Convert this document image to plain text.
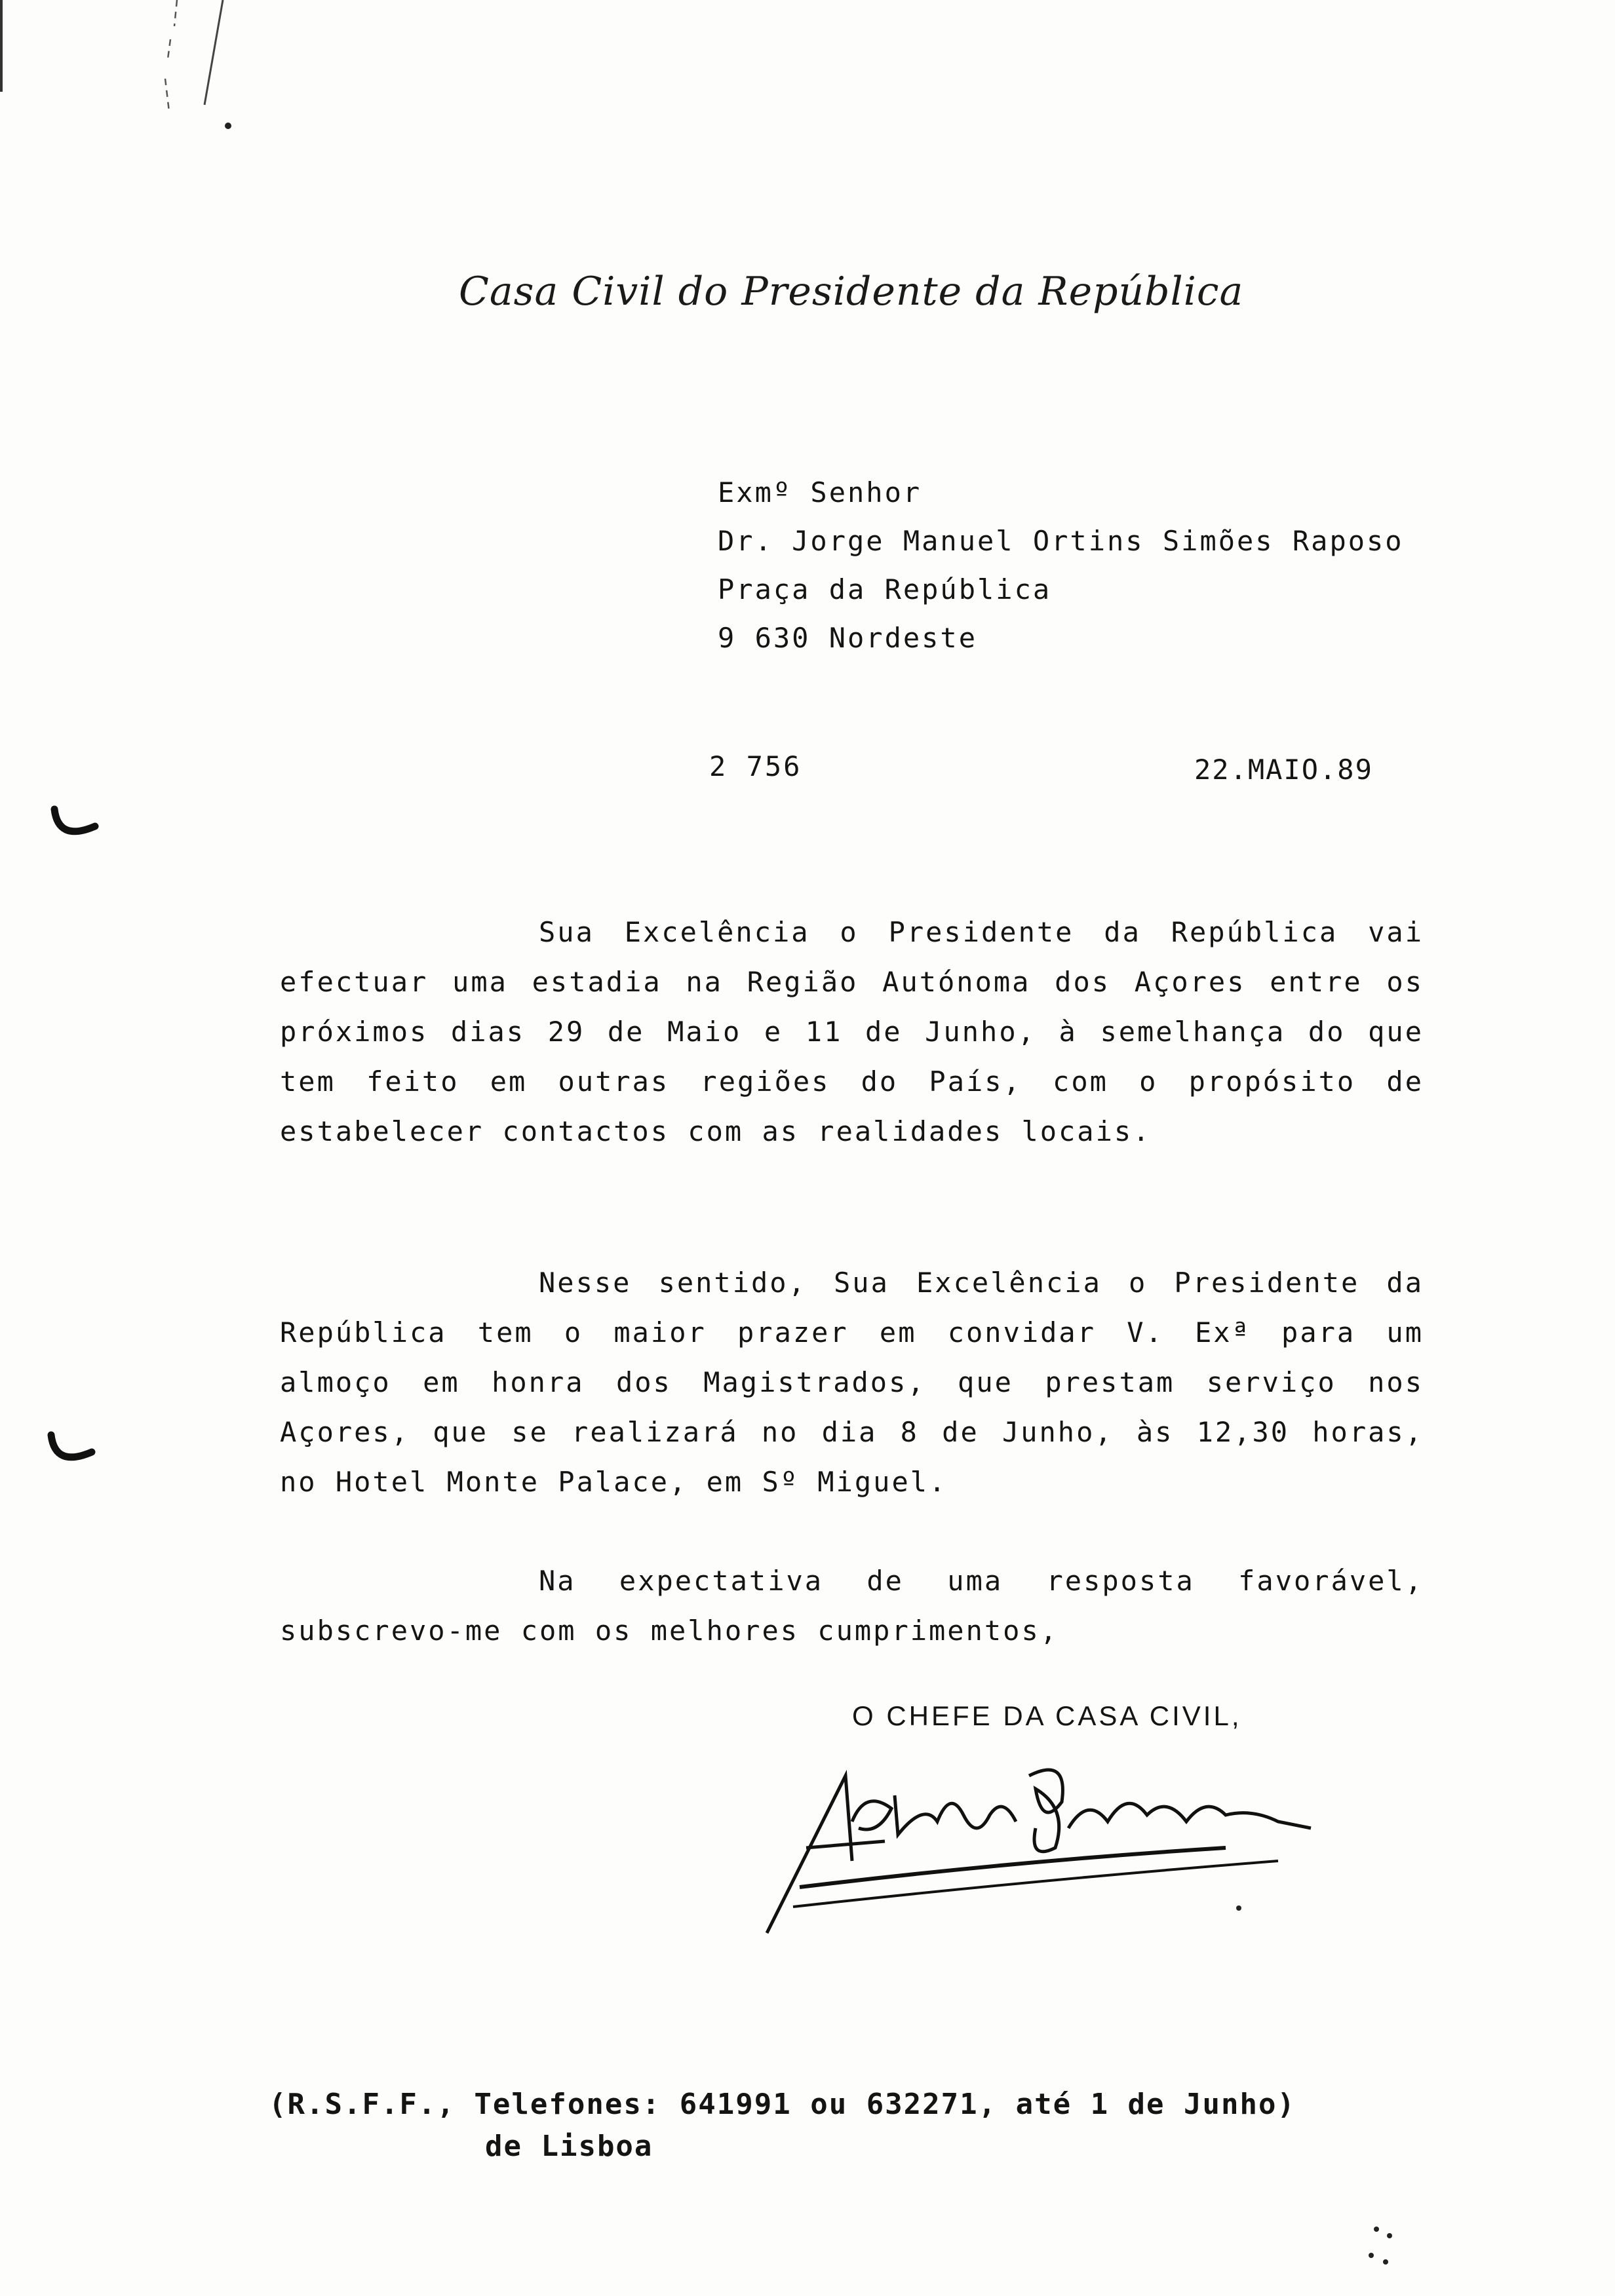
Casa Civil do Presidente da República
Exmº Senhor
Dr. Jorge Manuel Ortins Simões Raposo
Praça da República
9 630 Nordeste
2 756	22.MAIO.89
Sua Excelência o Presidente da República vai efectuar uma estadia na Região Autónoma dos Açores entre os próximos dias 29 de Maio e 11 de Junho, à semelhança do que tem feito em outras regiões do País, com o propósito de estabelecer contactos com as realidades locais.
Nesse sentido, Sua Excelência o Presidente da República tem o maior prazer em convidar V. Exª para um almoço em honra dos Magistrados, que prestam serviço nos Açores, que se realizará no dia 8 de Junho, às 12,30 horas, no Hotel Monte Palace, em Sº Miguel.
Na expectativa de uma resposta favorável, subscrevo-me com os melhores cumprimentos,
O CHEFE DA CASA CIVIL,
(R.S.F.F., Telefones: 641991 ou 632271, até 1 de Junho)
de Lisboa
